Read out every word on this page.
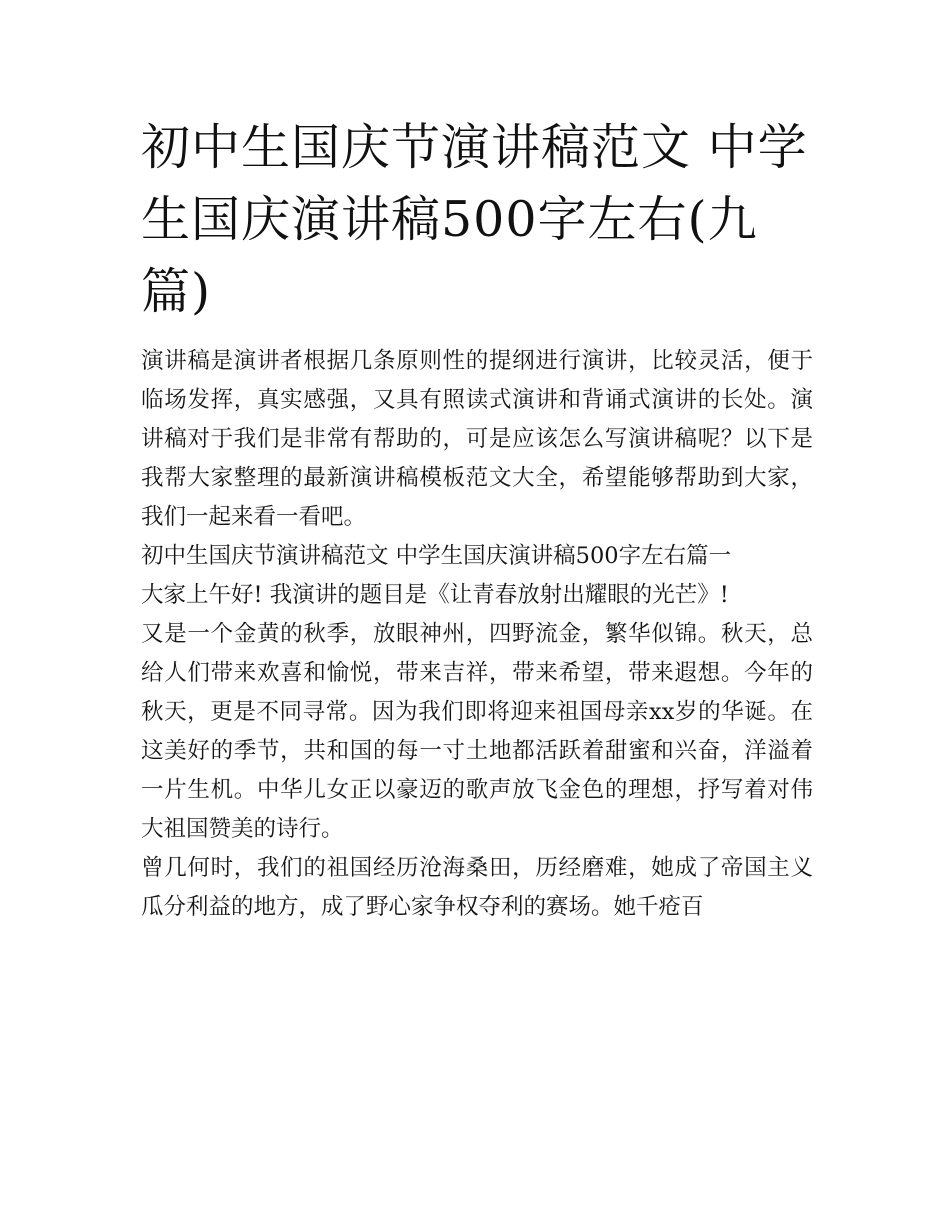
初中生国庆节演讲稿范文 中学生国庆演讲稿500字左右(九篇)

演讲稿是演讲者根据几条原则性的提纲进行演讲，比较灵活，便于临场发挥，真实感强，又具有照读式演讲和背诵式演讲的长处。演讲稿对于我们是非常有帮助的，可是应该怎么写演讲稿呢？以下是我帮大家整理的最新演讲稿模板范文大全，希望能够帮助到大家，我们一起来看一看吧。

初中生国庆节演讲稿范文 中学生国庆演讲稿500字左右篇一

大家上午好! 我演讲的题目是《让青春放射出耀眼的光芒》!

又是一个金黄的秋季，放眼神州，四野流金，繁华似锦。秋天，总给人们带来欢喜和愉悦，带来吉祥，带来希望，带来遐想。今年的秋天，更是不同寻常。因为我们即将迎来祖国母亲xx岁的华诞。在这美好的季节，共和国的每一寸土地都活跃着甜蜜和兴奋，洋溢着一片生机。中华儿女正以豪迈的歌声放飞金色的理想，抒写着对伟大祖国赞美的诗行。

曾几何时，我们的祖国经历沧海桑田，历经磨难，她成了帝国主义瓜分利益的地方，成了野心家争权夺利的赛场。她千疮百
